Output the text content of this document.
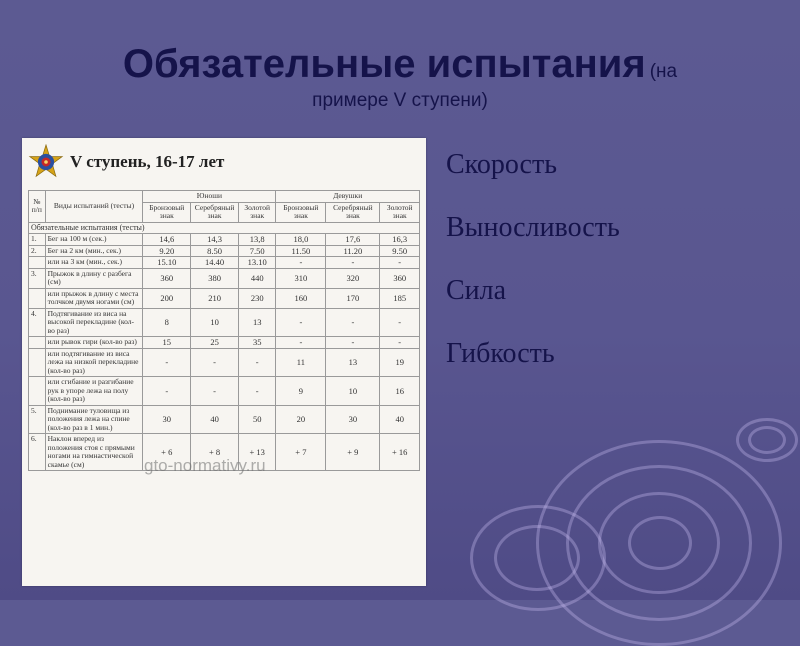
Обязательные испытания (на
примере V ступени)
Скорость
Выносливость
Сила
Гибкость
V ступень, 16-17 лет
№ п/п	Виды испытаний (тесты)	Юноши			Девушки		
		Бронзовый знак	Серебряный знак	Золотой знак	Бронзовый знак	Серебряный знак	Золотой знак
Обязательные испытания (тесты)							
1.	Бег на 100 м (сек.)	14,6	14,3	13,8	18,0	17,6	16,3
2.	Бег на 2 км (мин., сек.)	9.20	8.50	7.50	11.50	11.20	9.50
	или на 3 км (мин., сек.)	15.10	14.40	13.10	-	-	-
3.	Прыжок в длину с разбега (см)	360	380	440	310	320	360
	или прыжок в длину с места толчком двумя ногами (см)	200	210	230	160	170	185
4.	Подтягивание из виса на высокой перекладине (кол-во раз)	8	10	13	-	-	-
	или рывок гири (кол-во раз)	15	25	35	-	-	-
	или подтягивание из виса лежа на низкой перекладине (кол-во раз)	-	-	-	11	13	19
	или сгибание и разгибание рук в упоре лежа на полу (кол-во раз)	-	-	-	9	10	16
5.	Поднимание туловища из положения лежа на спине (кол-во раз в 1 мин.)	30	40	50	20	30	40
6.	Наклон вперед из положения стоя с прямыми ногами на гимнастической скамье (см)	+ 6	+ 8	+ 13	+ 7	+ 9	+ 16
gto-normativy.ru
